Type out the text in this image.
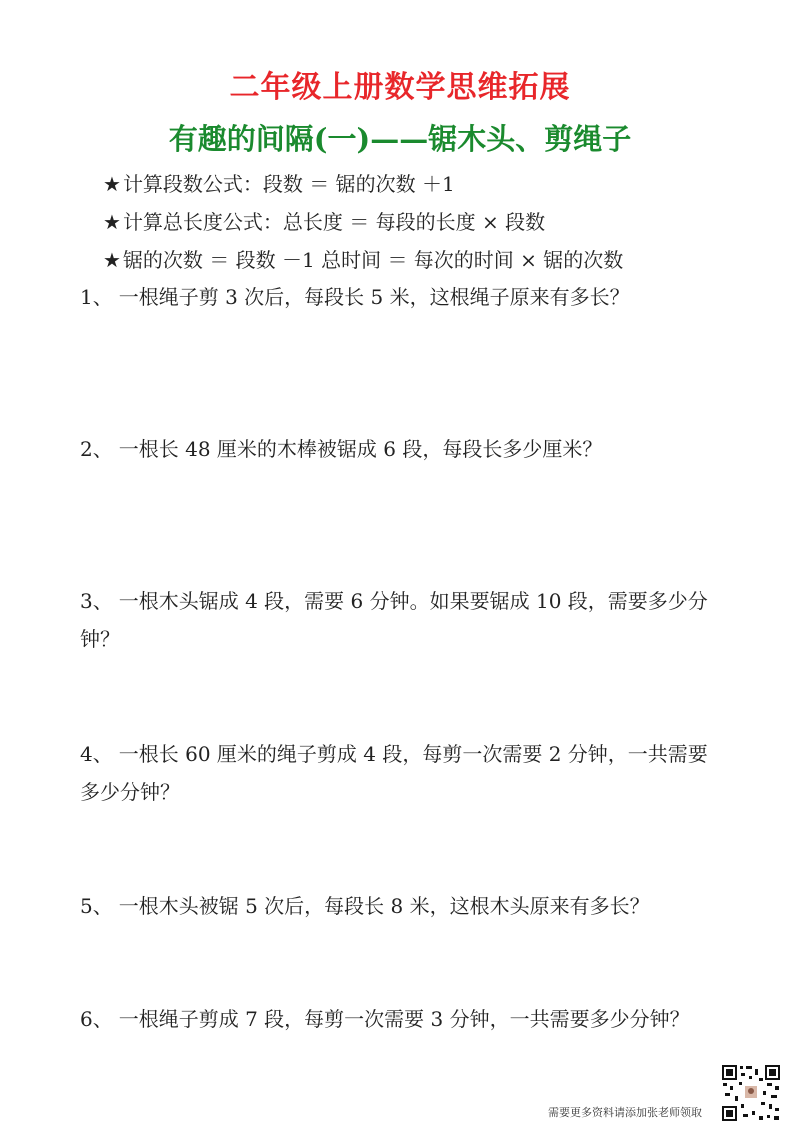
二年级上册数学思维拓展
有趣的间隔(一)——锯木头、剪绳子
★ 计算段数公式：段数 ＝ 锯的次数 ＋1
★ 计算总长度公式：总长度 ＝ 每段的长度 × 段数
★ 锯的次数 ＝ 段数 －1 总时间 ＝ 每次的时间 × 锯的次数
1、 一根绳子剪 3 次后，每段长 5 米，这根绳子原来有多长？
2、 一根长 48 厘米的木棒被锯成 6 段，每段长多少厘米？
3、 一根木头锯成 4 段，需要 6 分钟。如果要锯成 10 段，需要多少分钟？
4、 一根长 60 厘米的绳子剪成 4 段，每剪一次需要 2 分钟，一共需要多少分钟？
5、 一根木头被锯 5 次后，每段长 8 米，这根木头原来有多长？
6、 一根绳子剪成 7 段，每剪一次需要 3 分钟，一共需要多少分钟？
需要更多资料请添加张老师领取
